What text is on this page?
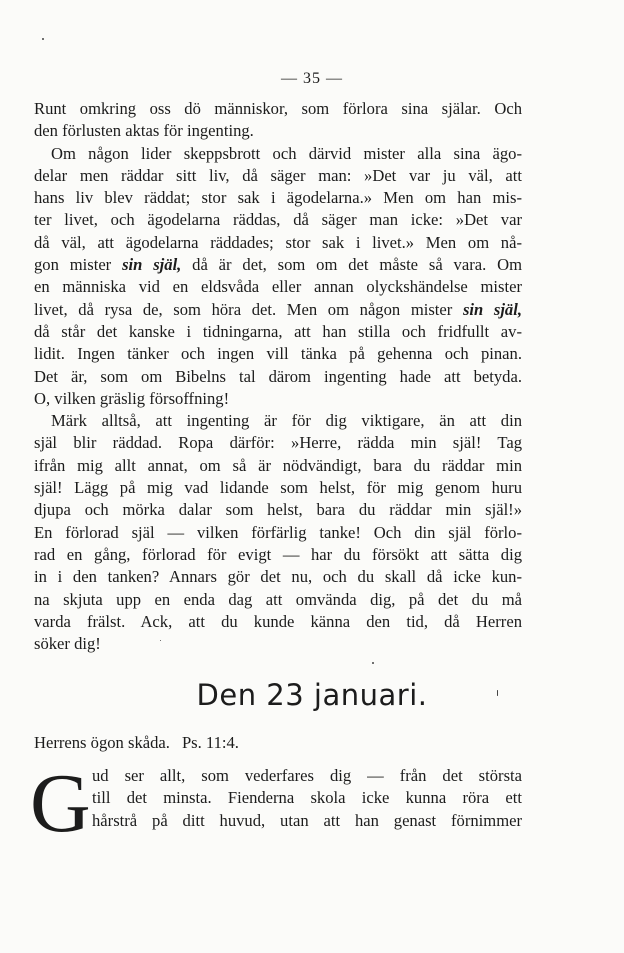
— 35 —
Runt omkring oss dö människor, som förlora sina själar. Och
den förlusten aktas för ingenting.
Om någon lider skeppsbrott och därvid mister alla sina ägo-
delar men räddar sitt liv, då säger man: »Det var ju väl, att
hans liv blev räddat; stor sak i ägodelarna.» Men om han mis-
ter livet, och ägodelarna räddas, då säger man icke: »Det var
då väl, att ägodelarna räddades; stor sak i livet.» Men om nå-
gon mister sin själ, då är det, som om det måste så vara. Om
en människa vid en eldsvåda eller annan olyckshändelse mister
livet, då rysa de, som höra det. Men om någon mister sin själ,
då står det kanske i tidningarna, att han stilla och fridfullt av-
lidit. Ingen tänker och ingen vill tänka på gehenna och pinan.
Det är, som om Bibelns tal därom ingenting hade att betyda.
O, vilken gräslig försoffning!
Märk alltså, att ingenting är för dig viktigare, än att din
själ blir räddad. Ropa därför: »Herre, rädda min själ! Tag
ifrån mig allt annat, om så är nödvändigt, bara du räddar min
själ! Lägg på mig vad lidande som helst, för mig genom huru
djupa och mörka dalar som helst, bara du räddar min själ!»
En förlorad själ — vilken förfärlig tanke! Och din själ förlo-
rad en gång, förlorad för evigt — har du försökt att sätta dig
in i den tanken? Annars gör det nu, och du skall då icke kun-
na skjuta upp en enda dag att omvända dig, på det du må
varda frälst. Ack, att du kunde känna den tid, då Herren
söker dig!
Den 23 januari.
Herrens ögon skåda. Ps. 11:4.
G ud ser allt, som vederfares dig — från det största
till det minsta. Fienderna skola icke kunna röra ett
hårstrå på ditt huvud, utan att han genast förnimmer
